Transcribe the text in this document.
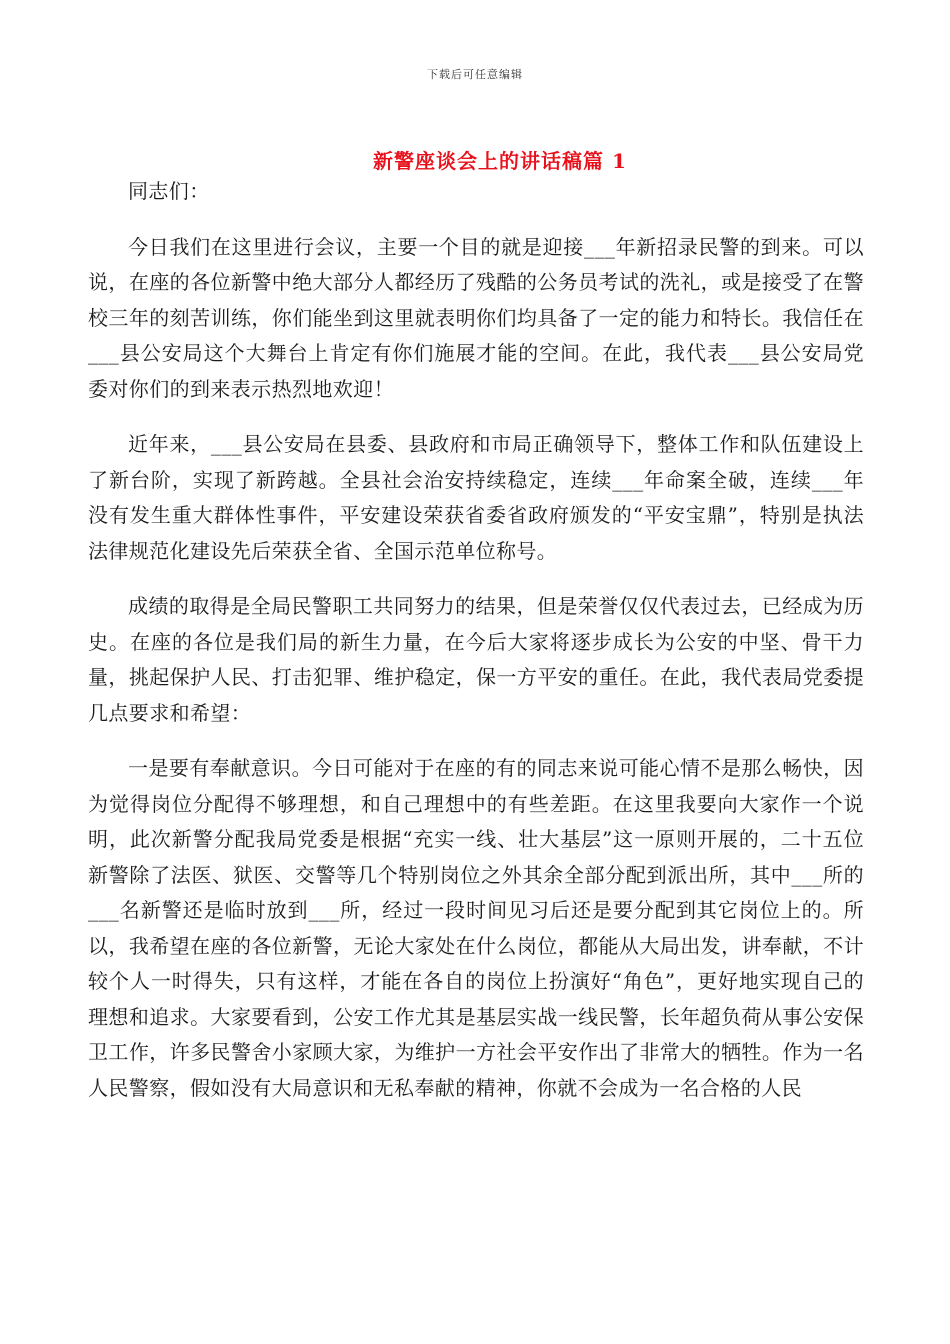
下载后可任意编辑
新警座谈会上的讲话稿篇 1

同志们：

今日我们在这里进行会议，主要一个目的就是迎接___年新招录民警的到来。可以说，在座的各位新警中绝大部分人都经历了残酷的公务员考试的洗礼，或是接受了在警校三年的刻苦训练，你们能坐到这里就表明你们均具备了一定的能力和特长。我信任在___县公安局这个大舞台上肯定有你们施展才能的空间。在此，我代表___县公安局党委对你们的到来表示热烈地欢迎！

近年来，___县公安局在县委、县政府和市局正确领导下，整体工作和队伍建设上了新台阶，实现了新跨越。全县社会治安持续稳定，连续___年命案全破，连续___年没有发生重大群体性事件，平安建设荣获省委省政府颁发的“平安宝鼎”，特别是执法法律规范化建设先后荣获全省、全国示范单位称号。

成绩的取得是全局民警职工共同努力的结果，但是荣誉仅仅代表过去，已经成为历史。在座的各位是我们局的新生力量，在今后大家将逐步成长为公安的中坚、骨干力量，挑起保护人民、打击犯罪、维护稳定，保一方平安的重任。在此，我代表局党委提几点要求和希望：

一是要有奉献意识。今日可能对于在座的有的同志来说可能心情不是那么畅快，因为觉得岗位分配得不够理想，和自己理想中的有些差距。在这里我要向大家作一个说明，此次新警分配我局党委是根据“充实一线、壮大基层”这一原则开展的，二十五位新警除了法医、狱医、交警等几个特别岗位之外其余全部分配到派出所，其中___所的___名新警还是临时放到___所，经过一段时间见习后还是要分配到其它岗位上的。所以，我希望在座的各位新警，无论大家处在什么岗位，都能从大局出发，讲奉献，不计较个人一时得失，只有这样，才能在各自的岗位上扮演好“角色”，更好地实现自己的理想和追求。大家要看到，公安工作尤其是基层实战一线民警，长年超负荷从事公安保卫工作，许多民警舍小家顾大家，为维护一方社会平安作出了非常大的牺牲。作为一名人民警察，假如没有大局意识和无私奉献的精神，你就不会成为一名合格的人民
